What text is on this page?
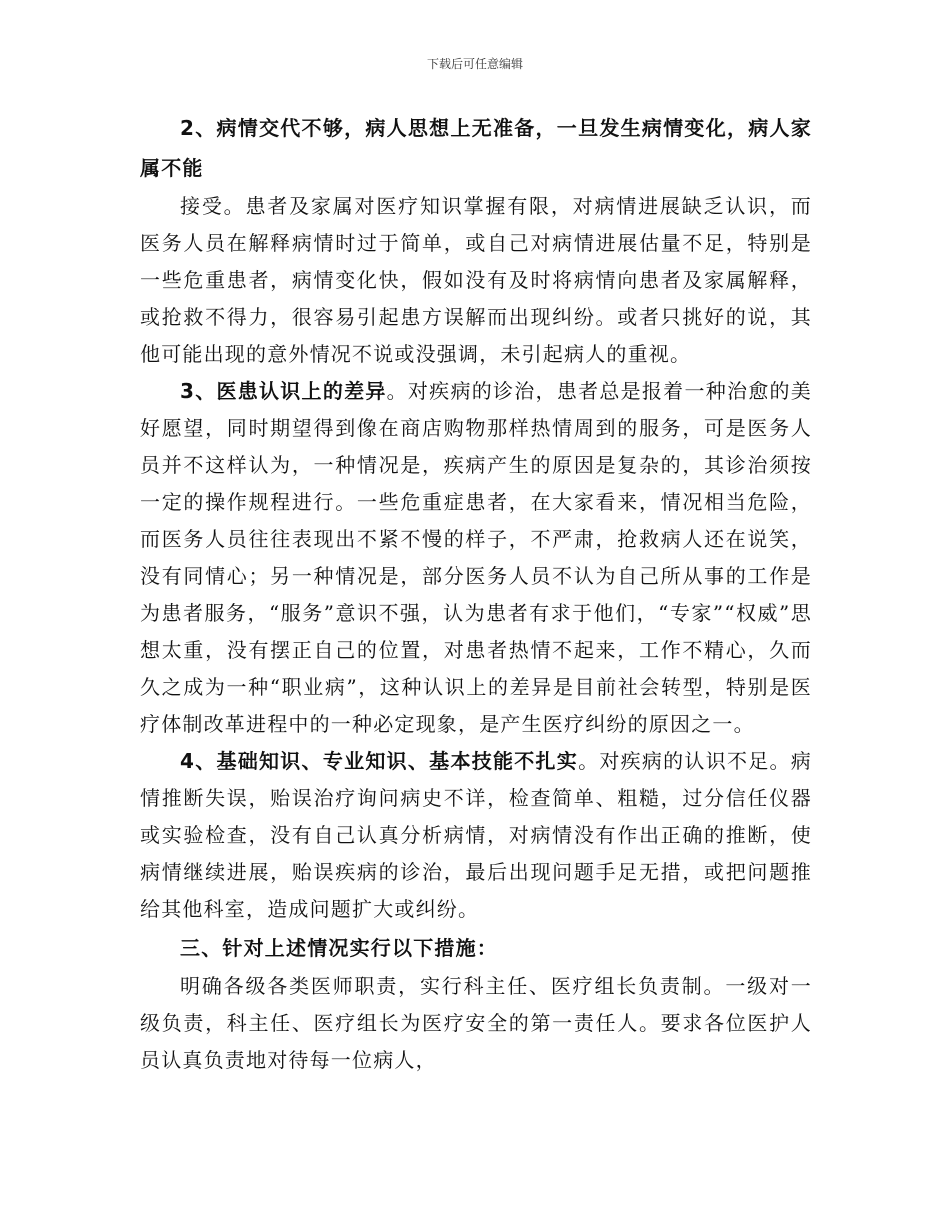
下载后可任意编辑

2、病情交代不够，病人思想上无准备，一旦发生病情变化，病人家属不能

接受。患者及家属对医疗知识掌握有限，对病情进展缺乏认识，而医务人员在解释病情时过于简单，或自己对病情进展估量不足，特别是一些危重患者，病情变化快，假如没有及时将病情向患者及家属解释，或抢救不得力，很容易引起患方误解而出现纠纷。或者只挑好的说，其他可能出现的意外情况不说或没强调，未引起病人的重视。

3、医患认识上的差异。对疾病的诊治，患者总是报着一种治愈的美好愿望，同时期望得到像在商店购物那样热情周到的服务，可是医务人员并不这样认为，一种情况是，疾病产生的原因是复杂的，其诊治须按一定的操作规程进行。一些危重症患者，在大家看来，情况相当危险，而医务人员往往表现出不紧不慢的样子，不严肃，抢救病人还在说笑，没有同情心；另一种情况是，部分医务人员不认为自己所从事的工作是为患者服务，“服务”意识不强，认为患者有求于他们，“专家”“权威”思想太重，没有摆正自己的位置，对患者热情不起来，工作不精心，久而久之成为一种“职业病”，这种认识上的差异是目前社会转型，特别是医疗体制改革进程中的一种必定现象，是产生医疗纠纷的原因之一。

4、基础知识、专业知识、基本技能不扎实。对疾病的认识不足。病情推断失误，贻误治疗询问病史不详，检查简单、粗糙，过分信任仪器或实验检查，没有自己认真分析病情，对病情没有作出正确的推断，使病情继续进展，贻误疾病的诊治，最后出现问题手足无措，或把问题推给其他科室，造成问题扩大或纠纷。

三、针对上述情况实行以下措施：

明确各级各类医师职责，实行科主任、医疗组长负责制。一级对一级负责，科主任、医疗组长为医疗安全的第一责任人。要求各位医护人员认真负责地对待每一位病人，
